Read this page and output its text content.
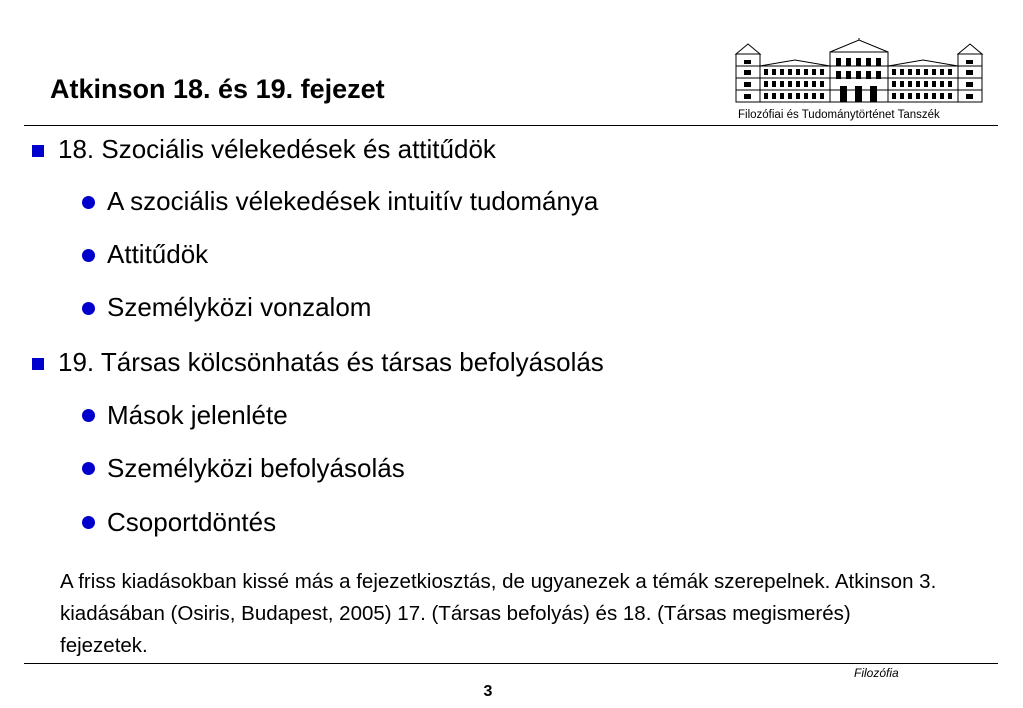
Atkinson 18. és 19. fejezet
Filozófiai és Tudománytörténet Tanszék
18. Szociális vélekedések és attitűdök
A szociális vélekedések intuitív tudománya
Attitűdök
Személyközi vonzalom
19. Társas kölcsönhatás és társas befolyásolás
Mások jelenléte
Személyközi befolyásolás
Csoportdöntés
A friss kiadásokban kissé más a fejezetkiosztás, de ugyanezek a témák szerepelnek. Atkinson 3. kiadásában (Osiris, Budapest, 2005) 17. (Társas befolyás) és 18. (Társas megismerés) fejezetek.
Filozófia
3
